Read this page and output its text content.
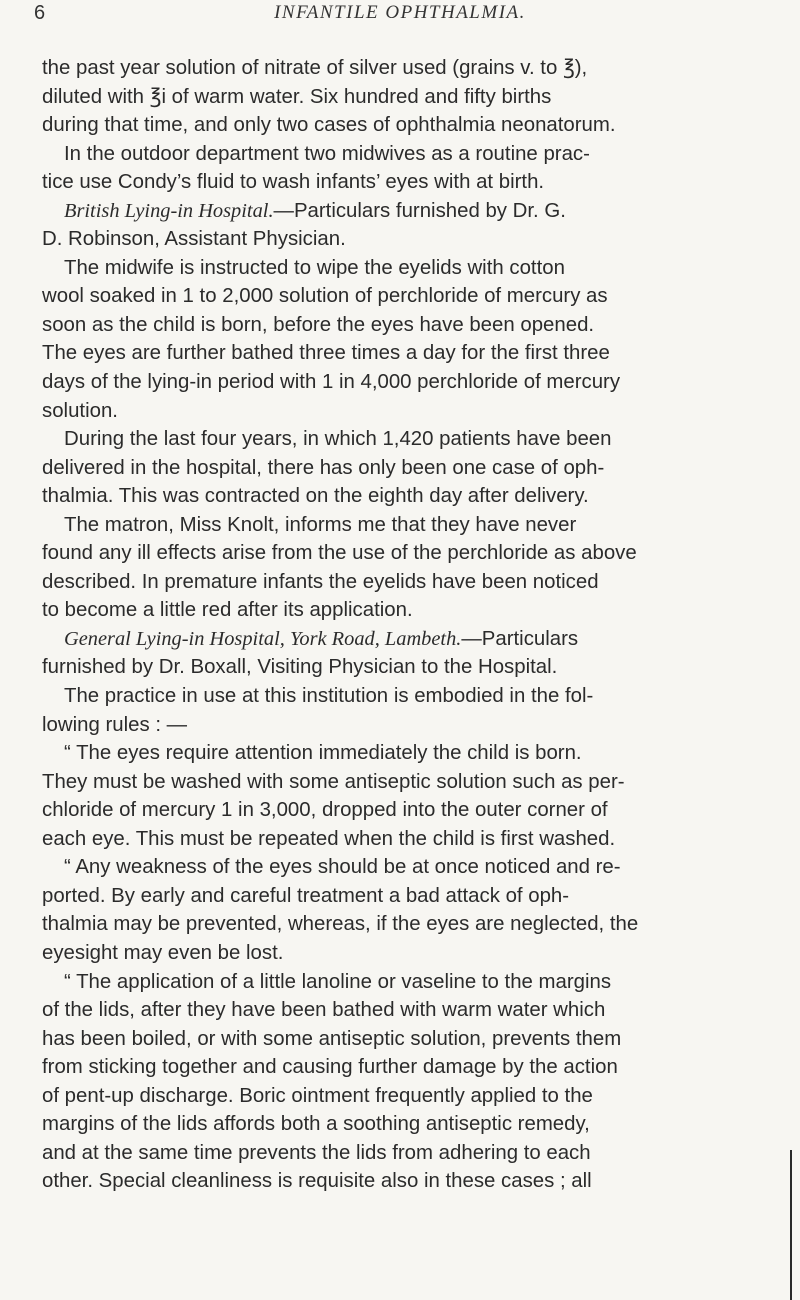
6	INFANTILE OPHTHALMIA.
the past year solution of nitrate of silver used (grains v. to ℥),
diluted with ℥i of warm water. Six hundred and fifty births
during that time, and only two cases of ophthalmia neonatorum.
In the outdoor department two midwives as a routine prac-
tice use Condy’s fluid to wash infants’ eyes with at birth.
British Lying-in Hospital.—Particulars furnished by Dr. G.
D. Robinson, Assistant Physician.
The midwife is instructed to wipe the eyelids with cotton
wool soaked in 1 to 2,000 solution of perchloride of mercury as
soon as the child is born, before the eyes have been opened.
The eyes are further bathed three times a day for the first three
days of the lying-in period with 1 in 4,000 perchloride of mercury
solution.
During the last four years, in which 1,420 patients have been
delivered in the hospital, there has only been one case of oph-
thalmia. This was contracted on the eighth day after delivery.
The matron, Miss Knolt, informs me that they have never
found any ill effects arise from the use of the perchloride as above
described. In premature infants the eyelids have been noticed
to become a little red after its application.
General Lying-in Hospital, York Road, Lambeth.—Particulars
furnished by Dr. Boxall, Visiting Physician to the Hospital.
The practice in use at this institution is embodied in the fol-
lowing rules : —
“ The eyes require attention immediately the child is born.
They must be washed with some antiseptic solution such as per-
chloride of mercury 1 in 3,000, dropped into the outer corner of
each eye. This must be repeated when the child is first washed.
“ Any weakness of the eyes should be at once noticed and re-
ported. By early and careful treatment a bad attack of oph-
thalmia may be prevented, whereas, if the eyes are neglected, the
eyesight may even be lost.
“ The application of a little lanoline or vaseline to the margins
of the lids, after they have been bathed with warm water which
has been boiled, or with some antiseptic solution, prevents them
from sticking together and causing further damage by the action
of pent-up discharge. Boric ointment frequently applied to the
margins of the lids affords both a soothing antiseptic remedy,
and at the same time prevents the lids from adhering to each
other. Special cleanliness is requisite also in these cases ; all
